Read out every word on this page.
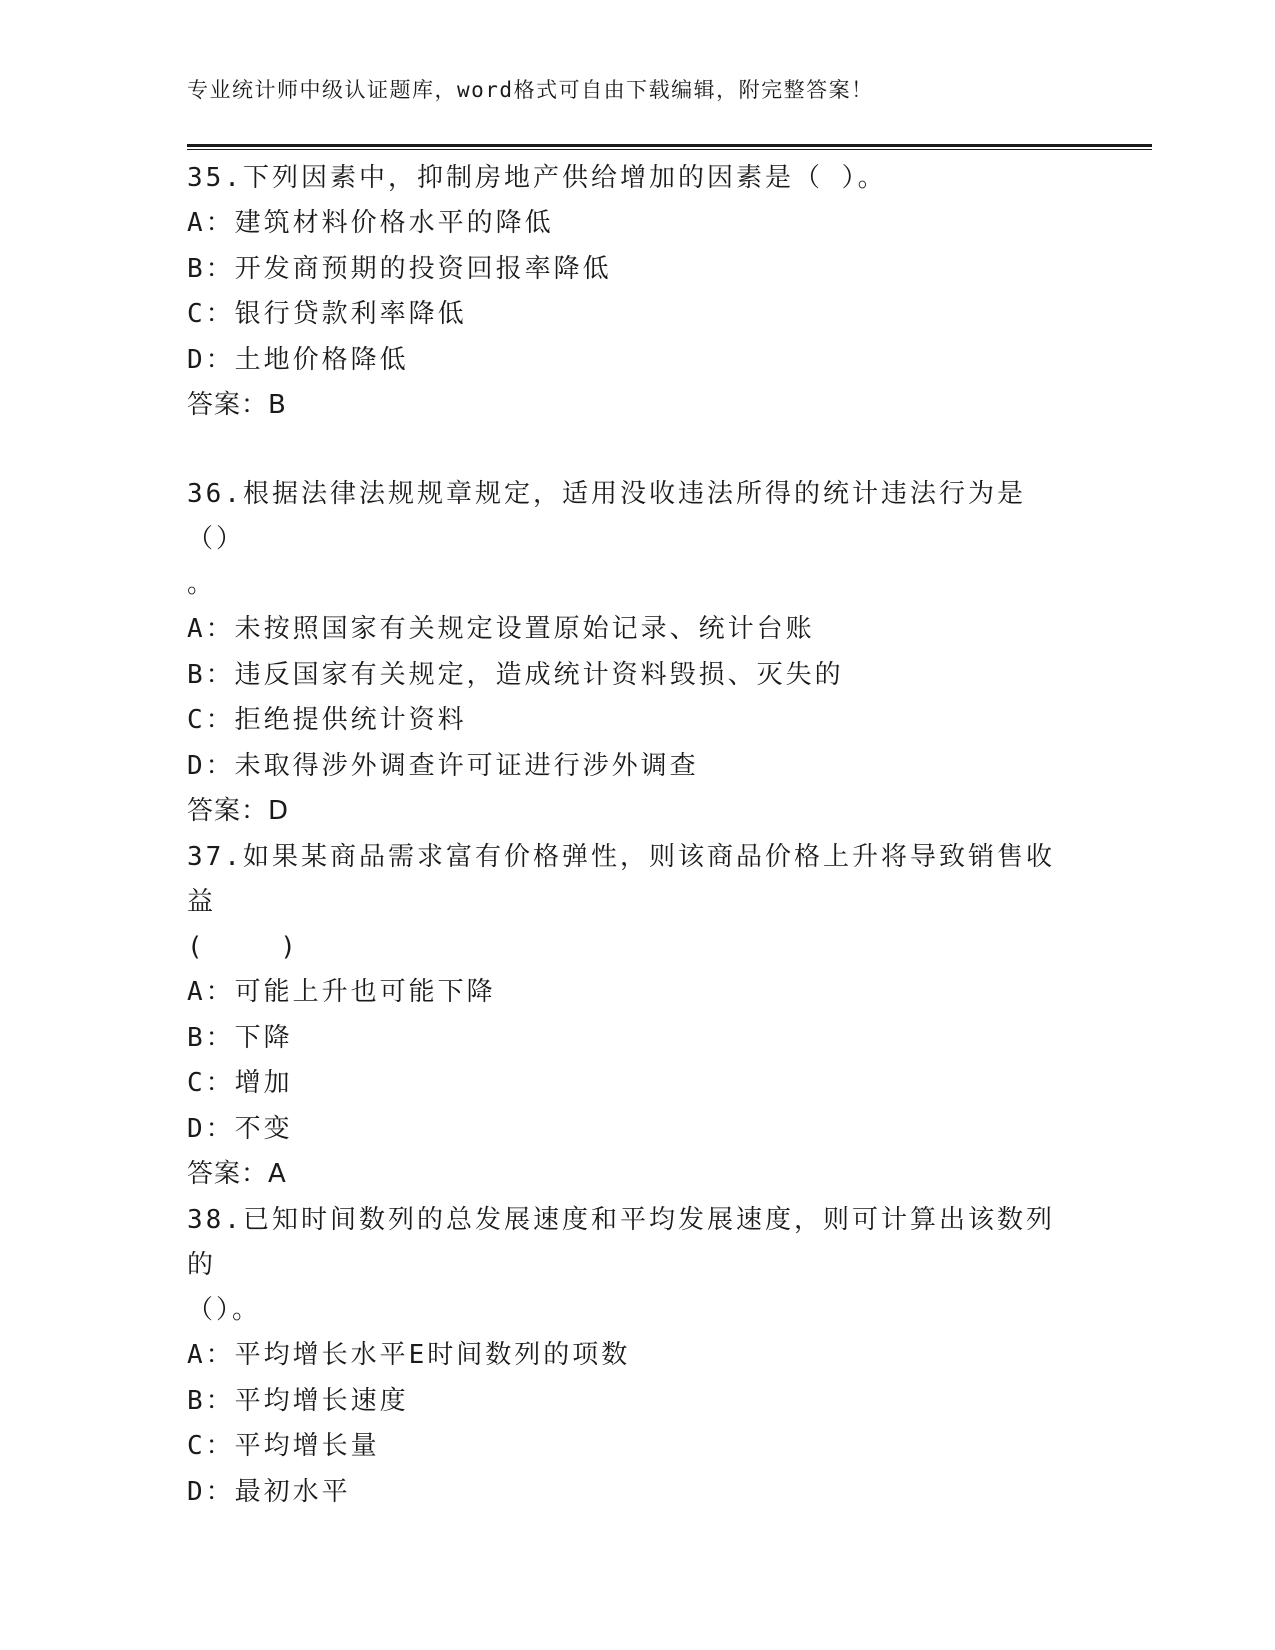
专业统计师中级认证题库，word格式可自由下载编辑，附完整答案！

35.下列因素中，抑制房地产供给增加的因素是（ ）。

A：建筑材料价格水平的降低

B：开发商预期的投资回报率降低

C：银行贷款利率降低

D：土地价格降低

答案：B

36.根据法律法规规章规定，适用没收违法所得的统计违法行为是（）

。

A：未按照国家有关规定设置原始记录、统计台账

B：违反国家有关规定，造成统计资料毁损、灭失的

C：拒绝提供统计资料

D：未取得涉外调查许可证进行涉外调查

答案：D

37.如果某商品需求富有价格弹性，则该商品价格上升将导致销售收益

(    )

A：可能上升也可能下降

B：下降

C：增加

D：不变

答案：A

38.已知时间数列的总发展速度和平均发展速度，则可计算出该数列的

（）。

A：平均增长水平E时间数列的项数

B：平均增长速度

C：平均增长量

D：最初水平
